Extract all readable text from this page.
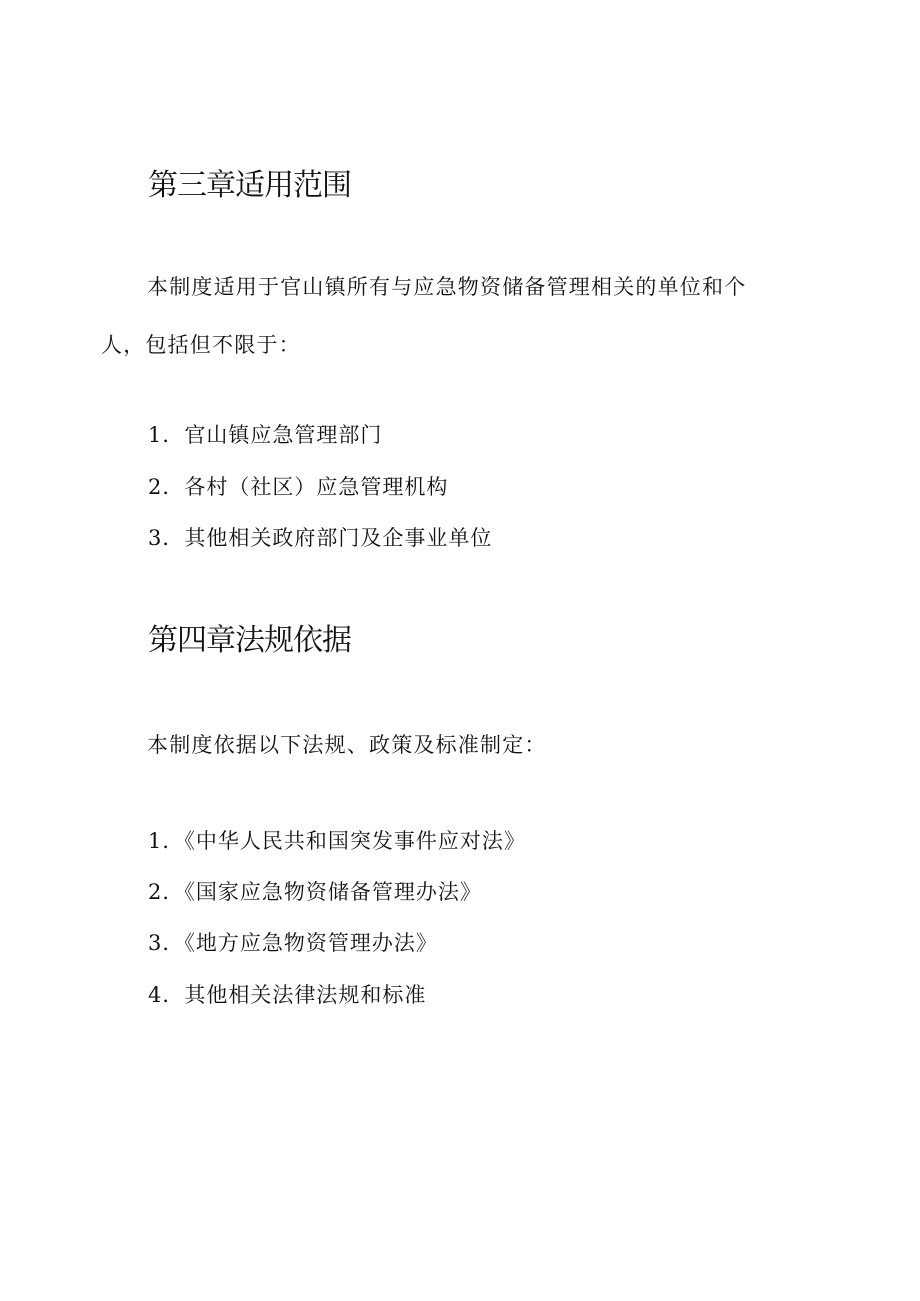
第三章适用范围

本制度适用于官山镇所有与应急物资储备管理相关的单位和个人，包括但不限于：

1．官山镇应急管理部门

2．各村（社区）应急管理机构

3．其他相关政府部门及企事业单位

第四章法规依据

本制度依据以下法规、政策及标准制定：

1．《中华人民共和国突发事件应对法》

2．《国家应急物资储备管理办法》

3．《地方应急物资管理办法》

4．其他相关法律法规和标准
